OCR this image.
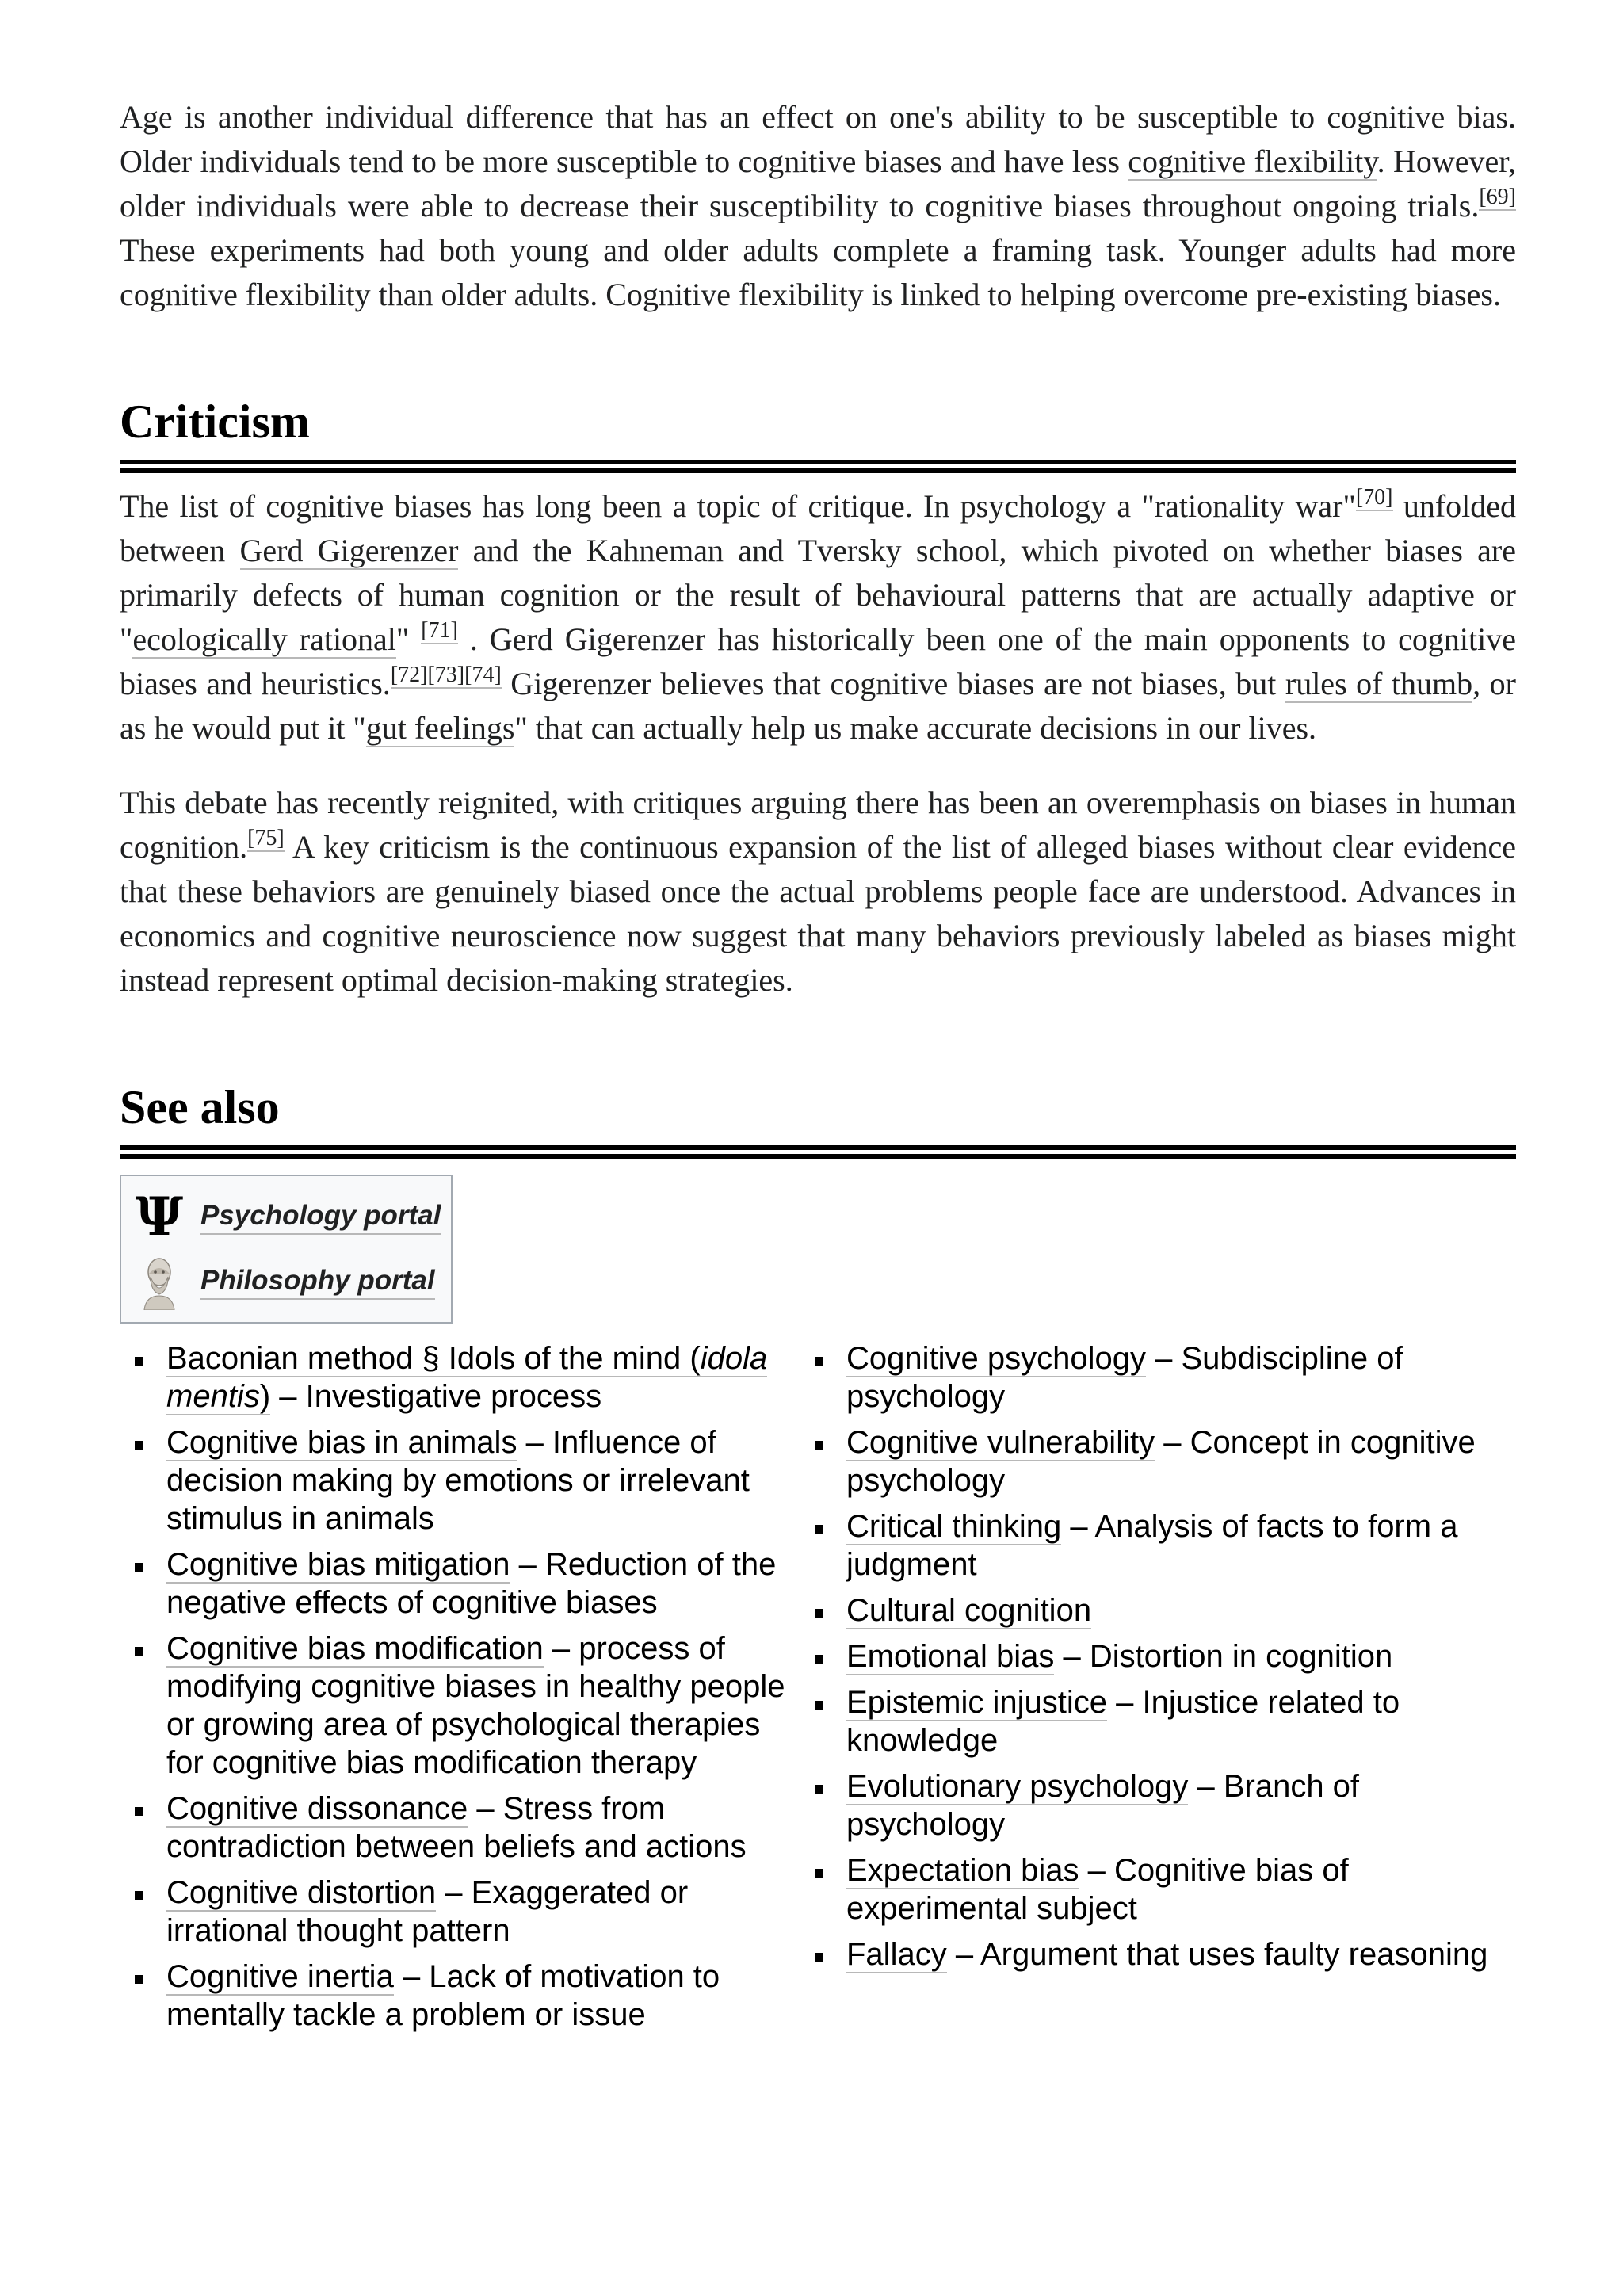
Age is another individual difference that has an effect on one's ability to be susceptible to cognitive bias. Older individuals tend to be more susceptible to cognitive biases and have less cognitive flexibility. However, older individuals were able to decrease their susceptibility to cognitive biases throughout ongoing trials.[69] These experiments had both young and older adults complete a framing task. Younger adults had more cognitive flexibility than older adults. Cognitive flexibility is linked to helping overcome pre-existing biases.

Criticism

The list of cognitive biases has long been a topic of critique. In psychology a "rationality war"[70] unfolded between Gerd Gigerenzer and the Kahneman and Tversky school, which pivoted on whether biases are primarily defects of human cognition or the result of behavioural patterns that are actually adaptive or "ecologically rational" [71] . Gerd Gigerenzer has historically been one of the main opponents to cognitive biases and heuristics.[72][73][74] Gigerenzer believes that cognitive biases are not biases, but rules of thumb, or as he would put it "gut feelings" that can actually help us make accurate decisions in our lives.

This debate has recently reignited, with critiques arguing there has been an overemphasis on biases in human cognition.[75] A key criticism is the continuous expansion of the list of alleged biases without clear evidence that these behaviors are genuinely biased once the actual problems people face are understood. Advances in economics and cognitive neuroscience now suggest that many behaviors previously labeled as biases might instead represent optimal decision-making strategies.

See also
Ψ Psychology portal
Philosophy portal
Baconian method § Idols of the mind (idola mentis) – Investigative process
Cognitive bias in animals – Influence of decision making by emotions or irrelevant stimulus in animals
Cognitive bias mitigation – Reduction of the negative effects of cognitive biases
Cognitive bias modification – process of modifying cognitive biases in healthy people or growing area of psychological therapies for cognitive bias modification therapy
Cognitive dissonance – Stress from contradiction between beliefs and actions
Cognitive distortion – Exaggerated or irrational thought pattern
Cognitive inertia – Lack of motivation to mentally tackle a problem or issue
Cognitive psychology – Subdiscipline of psychology
Cognitive vulnerability – Concept in cognitive psychology
Critical thinking – Analysis of facts to form a judgment
Cultural cognition
Emotional bias – Distortion in cognition
Epistemic injustice – Injustice related to knowledge
Evolutionary psychology – Branch of psychology
Expectation bias – Cognitive bias of experimental subject
Fallacy – Argument that uses faulty reasoning
